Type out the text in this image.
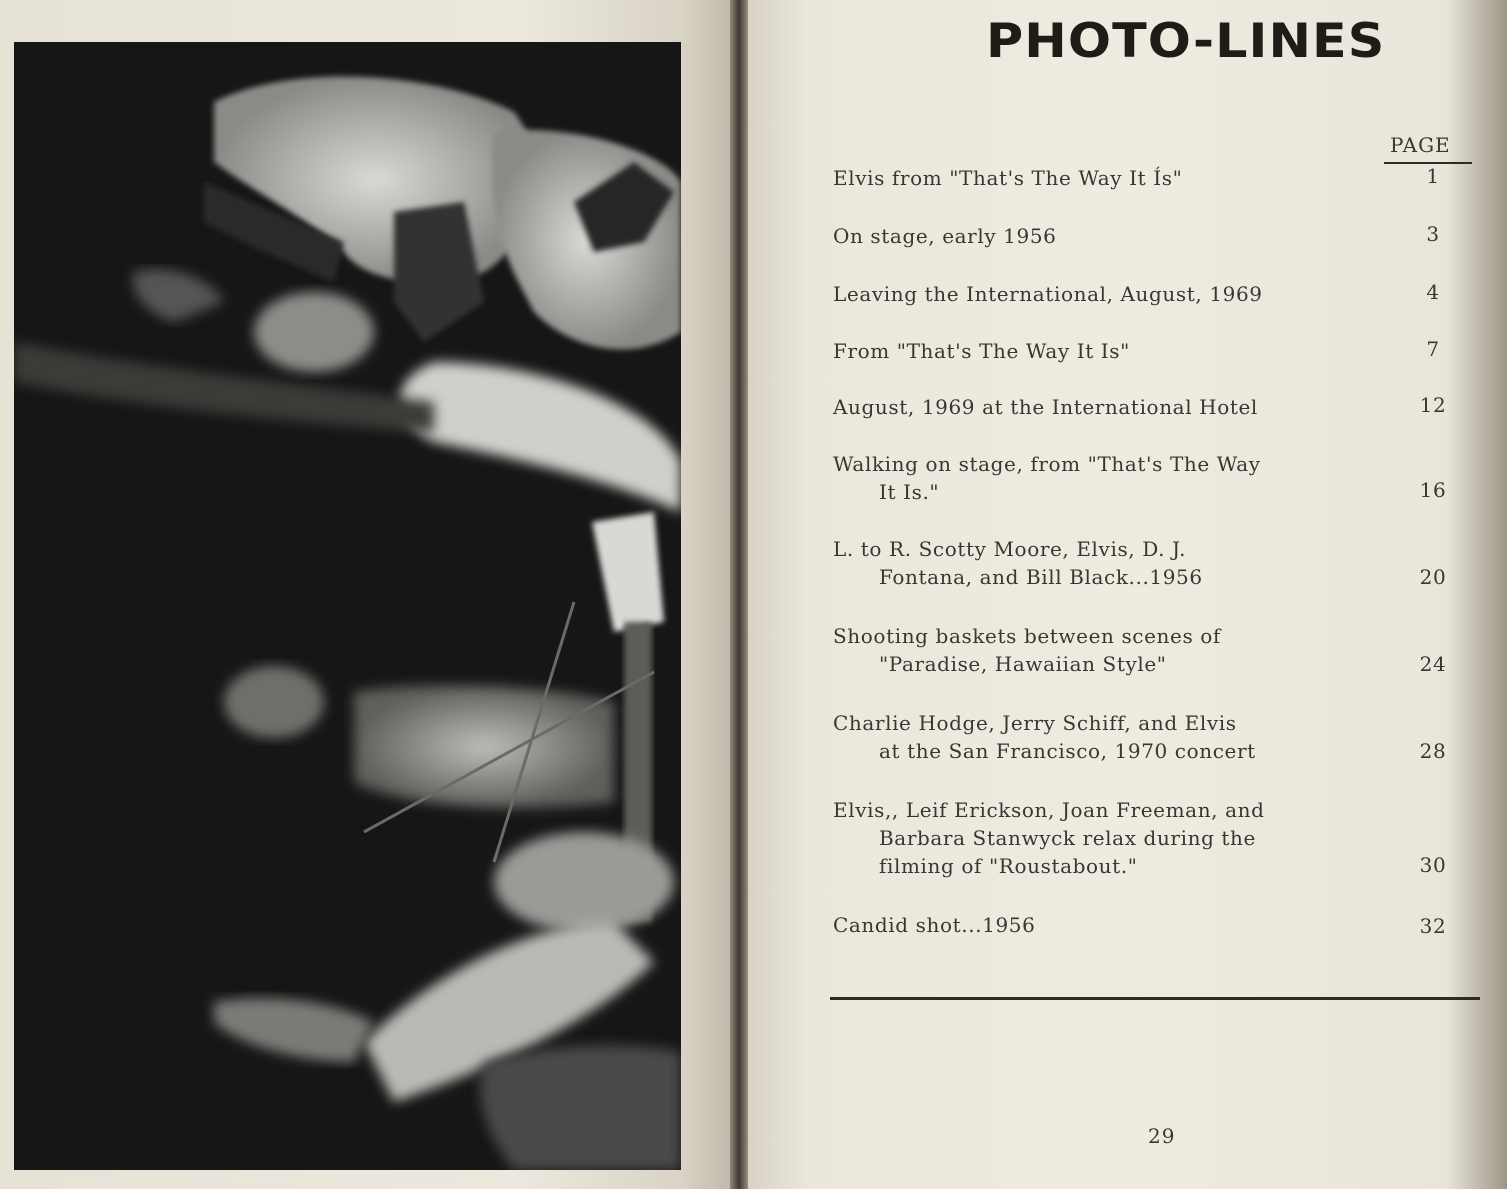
PHOTO-LINES
PAGE
Elvis from "That's The Way It Ís"	1
On stage, early 1956	3
Leaving the International, August, 1969	4
From "That's The Way It Is"	7
August, 1969 at the International Hotel	12
Walking on stage, from "That's The Way
It Is."	16
L. to R. Scotty Moore, Elvis, D. J.
Fontana, and Bill Black...1956	20
Shooting baskets between scenes of
"Paradise, Hawaiian Style"	24
Charlie Hodge, Jerry Schiff, and Elvis
at the San Francisco, 1970 concert	28
Elvis,, Leif Erickson, Joan Freeman, and
Barbara Stanwyck relax during the
filming of "Roustabout."	30
Candid shot...1956	32
29
